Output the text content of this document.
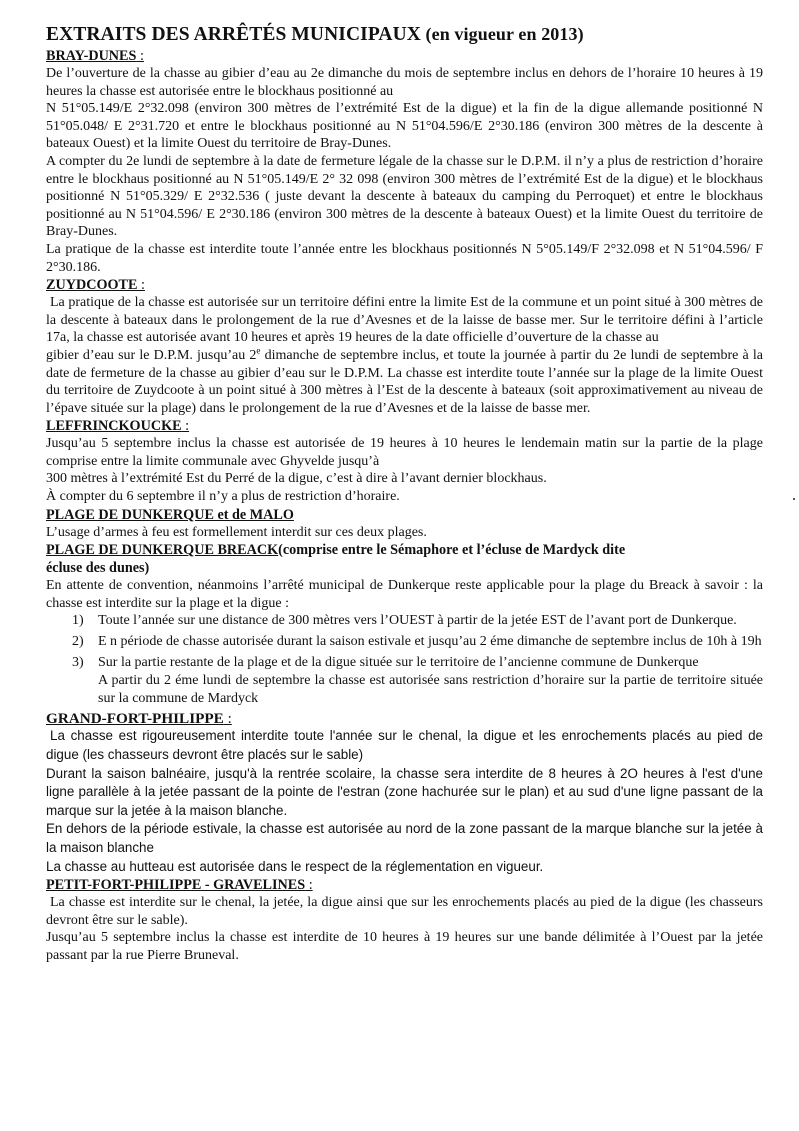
EXTRAITS DES ARRÊTÉS MUNICIPAUX (en vigueur en 2013)
BRAY-DUNES :

De l’ouverture de la chasse au gibier d’eau au 2e dimanche du mois de septembre inclus en dehors de l’horaire 10 heures à 19 heures la chasse est autorisée entre le blockhaus positionné au

N 51°05.149/E 2°32.098 (environ 300 mètres de l’extrémité Est de la digue) et la fin de la digue allemande positionné N 51°05.048/ E 2°31.720 et entre le blockhaus positionné au N 51°04.596/E 2°30.186 (environ 300 mètres de la descente à bateaux Ouest) et la limite Ouest du territoire de Bray-Dunes.

A compter du 2e lundi de septembre à la date de fermeture légale de la chasse sur le D.P.M. il n’y a plus de restriction d’horaire entre le blockhaus positionné au N 51°05.149/E 2° 32 098 (environ 300 mètres de l’extrémité Est de la digue) et le blockhaus positionné N 51°05.329/ E 2°32.536 ( juste devant la descente à bateaux du camping du Perroquet) et entre le blockhaus positionné au N 51°04.596/ E 2°30.186 (environ 300 mètres de la descente à bateaux Ouest) et la limite Ouest du territoire de Bray-Dunes.

La pratique de la chasse est interdite toute l’année entre les blockhaus positionnés N 5°05.149/F 2°32.098 et N 51°04.596/ F 2°30.186.

ZUYDCOOTE :

La pratique de la chasse est autorisée sur un territoire défini entre la limite Est de la commune et un point situé à 300 mètres de la descente à bateaux dans le prolongement de la rue d’Avesnes et de la laisse de basse mer. Sur le territoire défini à l’article 17a, la chasse est autorisée avant 10 heures et après 19 heures de la date officielle d’ouverture de la chasse au

gibier d’eau sur le D.P.M. jusqu’au 2e dimanche de septembre inclus, et toute la journée à partir du 2e lundi de septembre à la date de fermeture de la chasse au gibier d’eau sur le D.P.M. La chasse est interdite toute l’année sur la plage de la limite Ouest du territoire de Zuydcoote à un point situé à 300 mètres à l’Est de la descente à bateaux (soit approximativement au niveau de l’épave située sur la plage) dans le prolongement de la rue d’Avesnes et de la laisse de basse mer.

LEFFRINCKOUCKE :

Jusqu’au 5 septembre inclus la chasse est autorisée de 19 heures à 10 heures le lendemain matin sur la partie de la plage comprise entre la limite communale avec Ghyvelde jusqu’à

300 mètres à l’extrémité Est du Perré de la digue, c’est à dire à l’avant dernier blockhaus.

À compter du 6 septembre il n’y a plus de restriction d’horaire.

PLAGE DE DUNKERQUE et de MALO

L’usage d’armes à feu est formellement interdit sur ces deux plages.

PLAGE DE DUNKERQUE BREACK(comprise entre le Sémaphore et l’écluse de Mardyck dite
écluse des dunes)

En attente de convention, néanmoins l’arrêté municipal de Dunkerque reste applicable pour la plage du Breack à savoir : la chasse est interdite sur la plage et la digue :

1) Toute l’année sur une distance de 300 mètres vers l’OUEST à partir de la jetée EST de l’avant port de Dunkerque.
2) E n période de chasse autorisée durant la saison estivale et jusqu’au 2 éme dimanche de septembre inclus de 10h à 19h
3) Sur la partie restante de la plage et de la digue située sur le territoire de l’ancienne commune de Dunkerque
A partir du 2 éme lundi de septembre la chasse est autorisée sans restriction d’horaire sur la partie de territoire située sur la commune de Mardyck
GRAND-FORT-PHILIPPE :

La chasse est rigoureusement interdite toute l'année sur le chenal, la digue et les enrochements placés au pied de digue (les chasseurs devront être placés sur le sable)

Durant la saison balnéaire, jusqu'à la rentrée scolaire, la chasse sera interdite de 8 heures à 2O heures à l'est d'une ligne parallèle à la jetée passant de la pointe de l'estran (zone hachurée sur le plan) et au sud d'une ligne passant de la marque sur la jetée à la maison blanche.

En dehors de la période estivale, la chasse est autorisée au nord de la zone passant de la marque blanche sur la jetée à la maison blanche

La chasse au hutteau est autorisée dans le respect de la réglementation en vigueur.

PETIT-FORT-PHILIPPE - GRAVELINES :

La chasse est interdite sur le chenal, la jetée, la digue ainsi que sur les enrochements placés au pied de la digue (les chasseurs devront être sur le sable).

Jusqu’au 5 septembre inclus la chasse est interdite de 10 heures à 19 heures sur une bande délimitée à l’Ouest par la jetée passant par la rue Pierre Bruneval.
